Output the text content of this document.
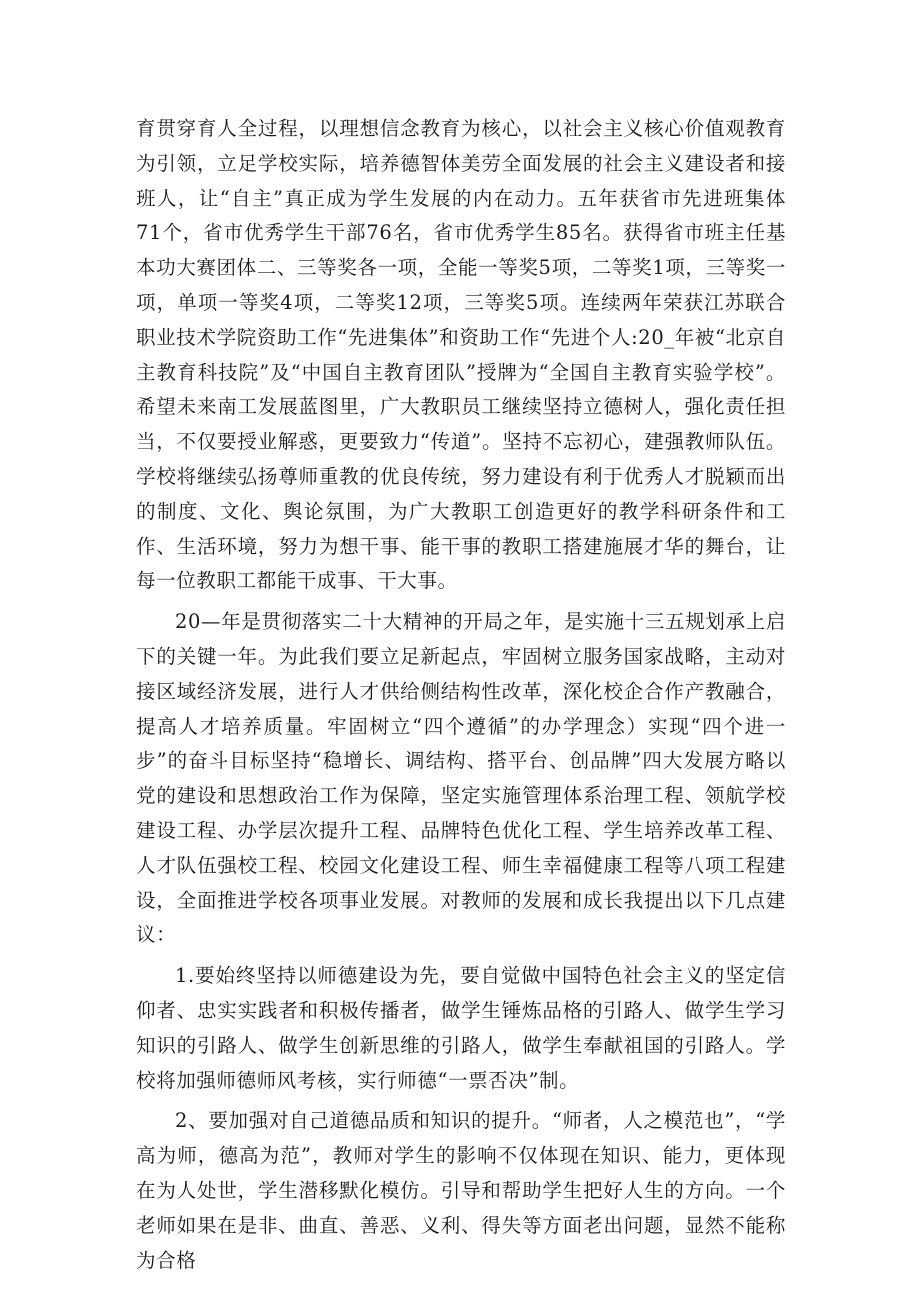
育贯穿育人全过程，以理想信念教育为核心，以社会主义核心价值观教育为引领，立足学校实际，培养德智体美劳全面发展的社会主义建设者和接班人，让“自主”真正成为学生发展的内在动力。五年获省市先进班集体71个，省市优秀学生干部76名，省市优秀学生85名。获得省市班主任基本功大赛团体二、三等奖各一项，全能一等奖5项，二等奖1项，三等奖一项，单项一等奖4项，二等奖12项，三等奖5项。连续两年荣获江苏联合职业技术学院资助工作“先进集体”和资助工作“先进个人:20_年被“北京自主教育科技院”及“中国自主教育团队”授牌为“全国自主教育实验学校”。希望未来南工发展蓝图里，广大教职员工继续坚持立德树人，强化责任担当，不仅要授业解惑，更要致力“传道”。坚持不忘初心，建强教师队伍。学校将继续弘扬尊师重教的优良传统，努力建设有利于优秀人才脱颖而出的制度、文化、舆论氛围，为广大教职工创造更好的教学科研条件和工作、生活环境，努力为想干事、能干事的教职工搭建施展才华的舞台，让每一位教职工都能干成事、干大事。

20—年是贯彻落实二十大精神的开局之年，是实施十三五规划承上启下的关键一年。为此我们要立足新起点，牢固树立服务国家战略，主动对接区域经济发展，进行人才供给侧结构性改革，深化校企合作产教融合，提高人才培养质量。牢固树立“四个遵循”的办学理念）实现“四个进一步”的奋斗目标坚持“稳增长、调结构、搭平台、创品牌”四大发展方略以党的建设和思想政治工作为保障，坚定实施管理体系治理工程、领航学校建设工程、办学层次提升工程、品牌特色优化工程、学生培养改革工程、人才队伍强校工程、校园文化建设工程、师生幸福健康工程等八项工程建设，全面推进学校各项事业发展。对教师的发展和成长我提出以下几点建议：

1.要始终坚持以师德建设为先，要自觉做中国特色社会主义的坚定信仰者、忠实实践者和积极传播者，做学生锤炼品格的引路人、做学生学习知识的引路人、做学生创新思维的引路人，做学生奉献祖国的引路人。学校将加强师德师风考核，实行师德“一票否决”制。

2、要加强对自己道德品质和知识的提升。“师者，人之模范也”，“学高为师，德高为范”，教师对学生的影响不仅体现在知识、能力，更体现在为人处世，学生潜移默化模仿。引导和帮助学生把好人生的方向。一个老师如果在是非、曲直、善恶、义利、得失等方面老出问题，显然不能称为合格
